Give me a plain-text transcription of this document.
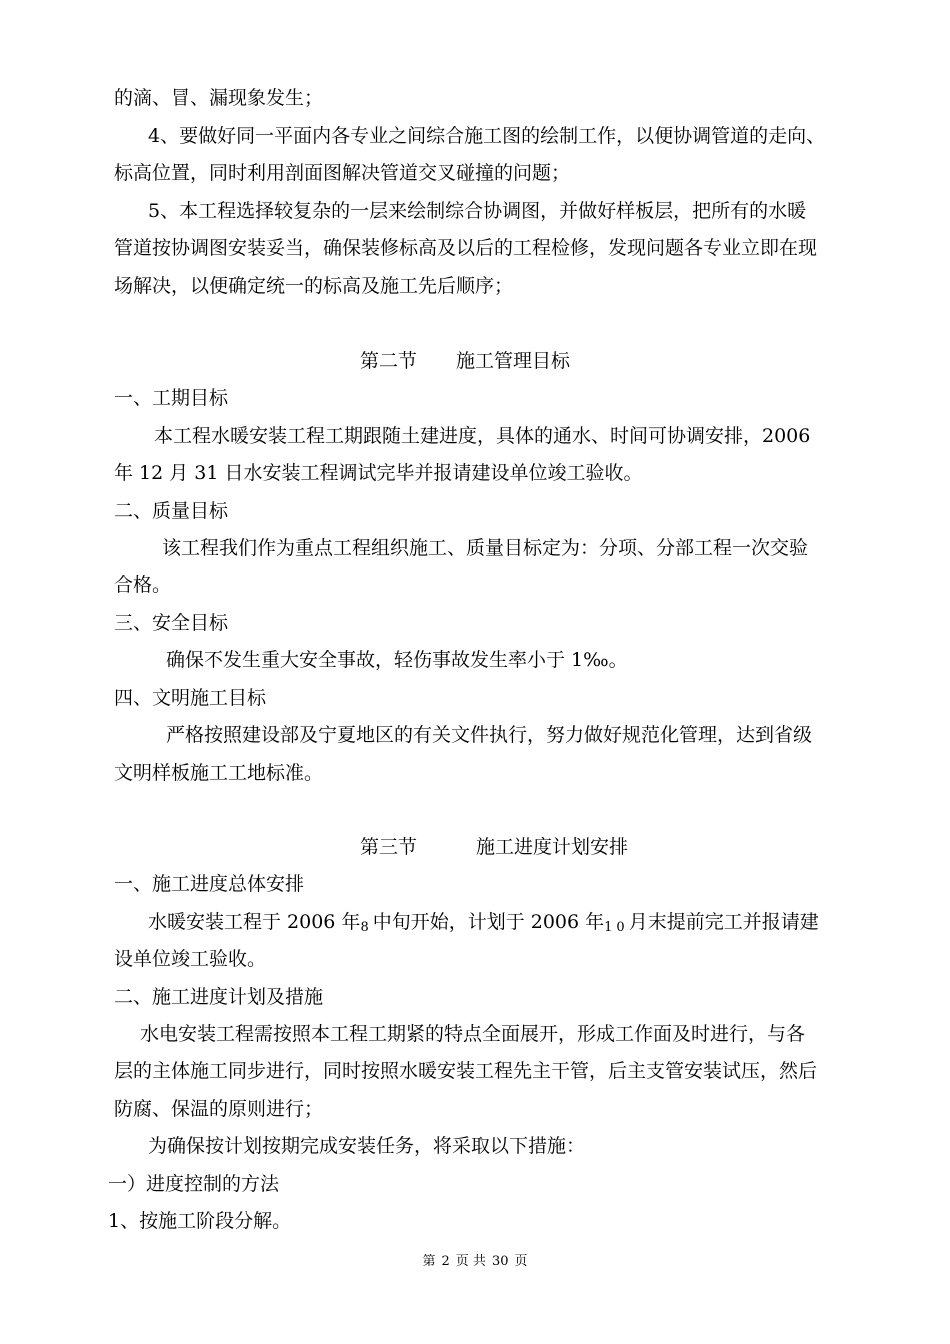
的滴、冒、漏现象发生；
4、要做好同一平面内各专业之间综合施工图的绘制工作，以便协调管道的走向、
标高位置，同时利用剖面图解决管道交叉碰撞的问题；
5、本工程选择较复杂的一层来绘制综合协调图，并做好样板层，把所有的水暖
管道按协调图安装妥当，确保装修标高及以后的工程检修，发现问题各专业立即在现
场解决，以便确定统一的标高及施工先后顺序；
第二节 施工管理目标
一、工期目标
本工程水暖安装工程工期跟随土建进度，具体的通水、时间可协调安排，2006
年 12 月 31 日水安装工程调试完毕并报请建设单位竣工验收。
二、质量目标
该工程我们作为重点工程组织施工、质量目标定为：分项、分部工程一次交验
合格。
三、安全目标
确保不发生重大安全事故，轻伤事故发生率小于 1‰。
四、文明施工目标
严格按照建设部及宁夏地区的有关文件执行，努力做好规范化管理，达到省级
文明样板施工工地标准。
第三节	施工进度计划安排
一、施工进度总体安排
水暖安装工程于 2006 年8中旬开始，计划于 2006 年10月末提前完工并报请建
设单位竣工验收。
二、施工进度计划及措施
水电安装工程需按照本工程工期紧的特点全面展开，形成工作面及时进行，与各
层的主体施工同步进行，同时按照水暖安装工程先主干管，后主支管安装试压，然后
防腐、保温的原则进行；
为确保按计划按期完成安装任务，将采取以下措施：
一）进度控制的方法
1、按施工阶段分解。
第 2 页 共 30 页
